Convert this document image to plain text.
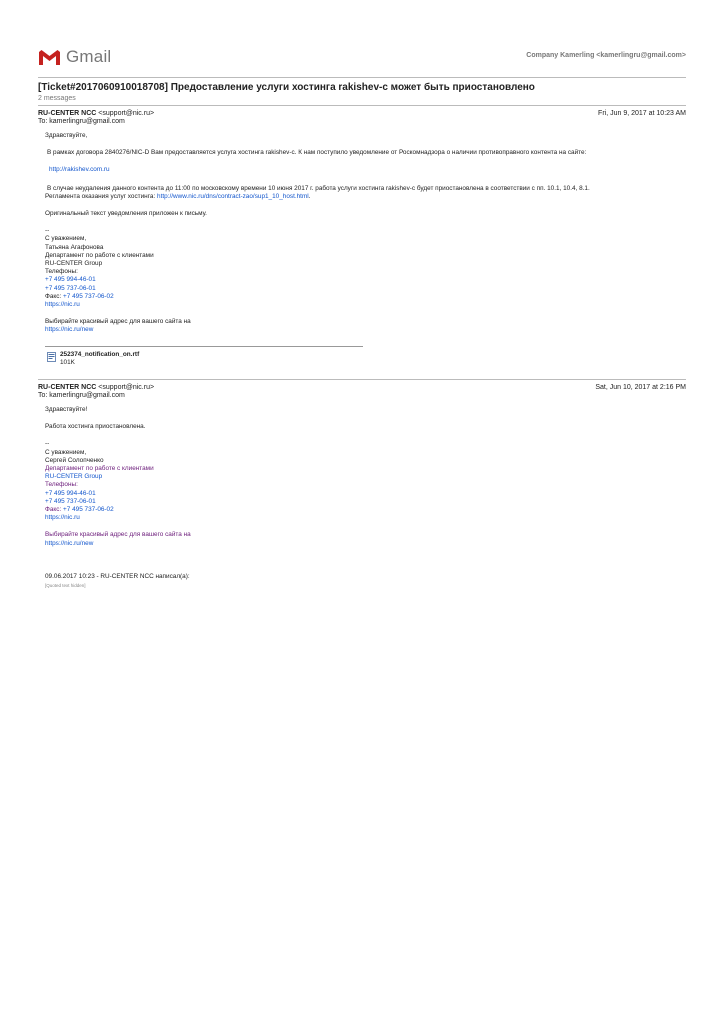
Gmail	Company Kamerling <kamerlingru@gmail.com>
[Ticket#2017060910018708] Предоставление услуги хостинга rakishev-c может быть приостановлено
2 messages
RU-CENTER NCC <support@nic.ru>	Fri, Jun 9, 2017 at 10:23 AM
To: kamerlingru@gmail.com

Здравствуйте,

В рамках договора 2840276/NIC-D Вам предоставляется услуга хостинга rakishev-c. К нам поступило уведомление от Роскомнадзора о наличии противоправного контента на сайте:

http://rakishev.com.ru

В случае неудаления данного контента до 11:00 по московскому времени 10 июня 2017 г. работа услуги хостинга rakishev-c будет приостановлена в соответствии с пп. 10.1, 10.4, 8.1.
Регламента оказания услуг хостинга: http://www.nic.ru/dns/contract-zao/sup1_10_host.html.

Оригинальный текст уведомления приложен к письму.

--

С уважением,

Татьяна Агафонова

Департамент по работе с клиентами

RU-CENTER Group

Телефоны:

+7 495 994-46-01

+7 495 737-06-01

Факс: +7 495 737-06-02

https://nic.ru

Выбирайте красивый адрес для вашего сайта на

https://nic.ru/new

252374_notification_on.rtf
101K
RU-CENTER NCC <support@nic.ru>	Sat, Jun 10, 2017 at 2:16 PM
To: kamerlingru@gmail.com

Здравствуйте!

Работа хостинга приостановлена.

--

С уважением,

Сергей Солопченко

Департамент по работе с клиентами

RU-CENTER Group

Телефоны:

+7 495 994-46-01

+7 495 737-06-01

Факс: +7 495 737-06-02

https://nic.ru

Выбирайте красивый адрес для вашего сайта на

https://nic.ru/new

09.06.2017 10:23 - RU-CENTER NCC написал(а):
[Quoted text hidden]
